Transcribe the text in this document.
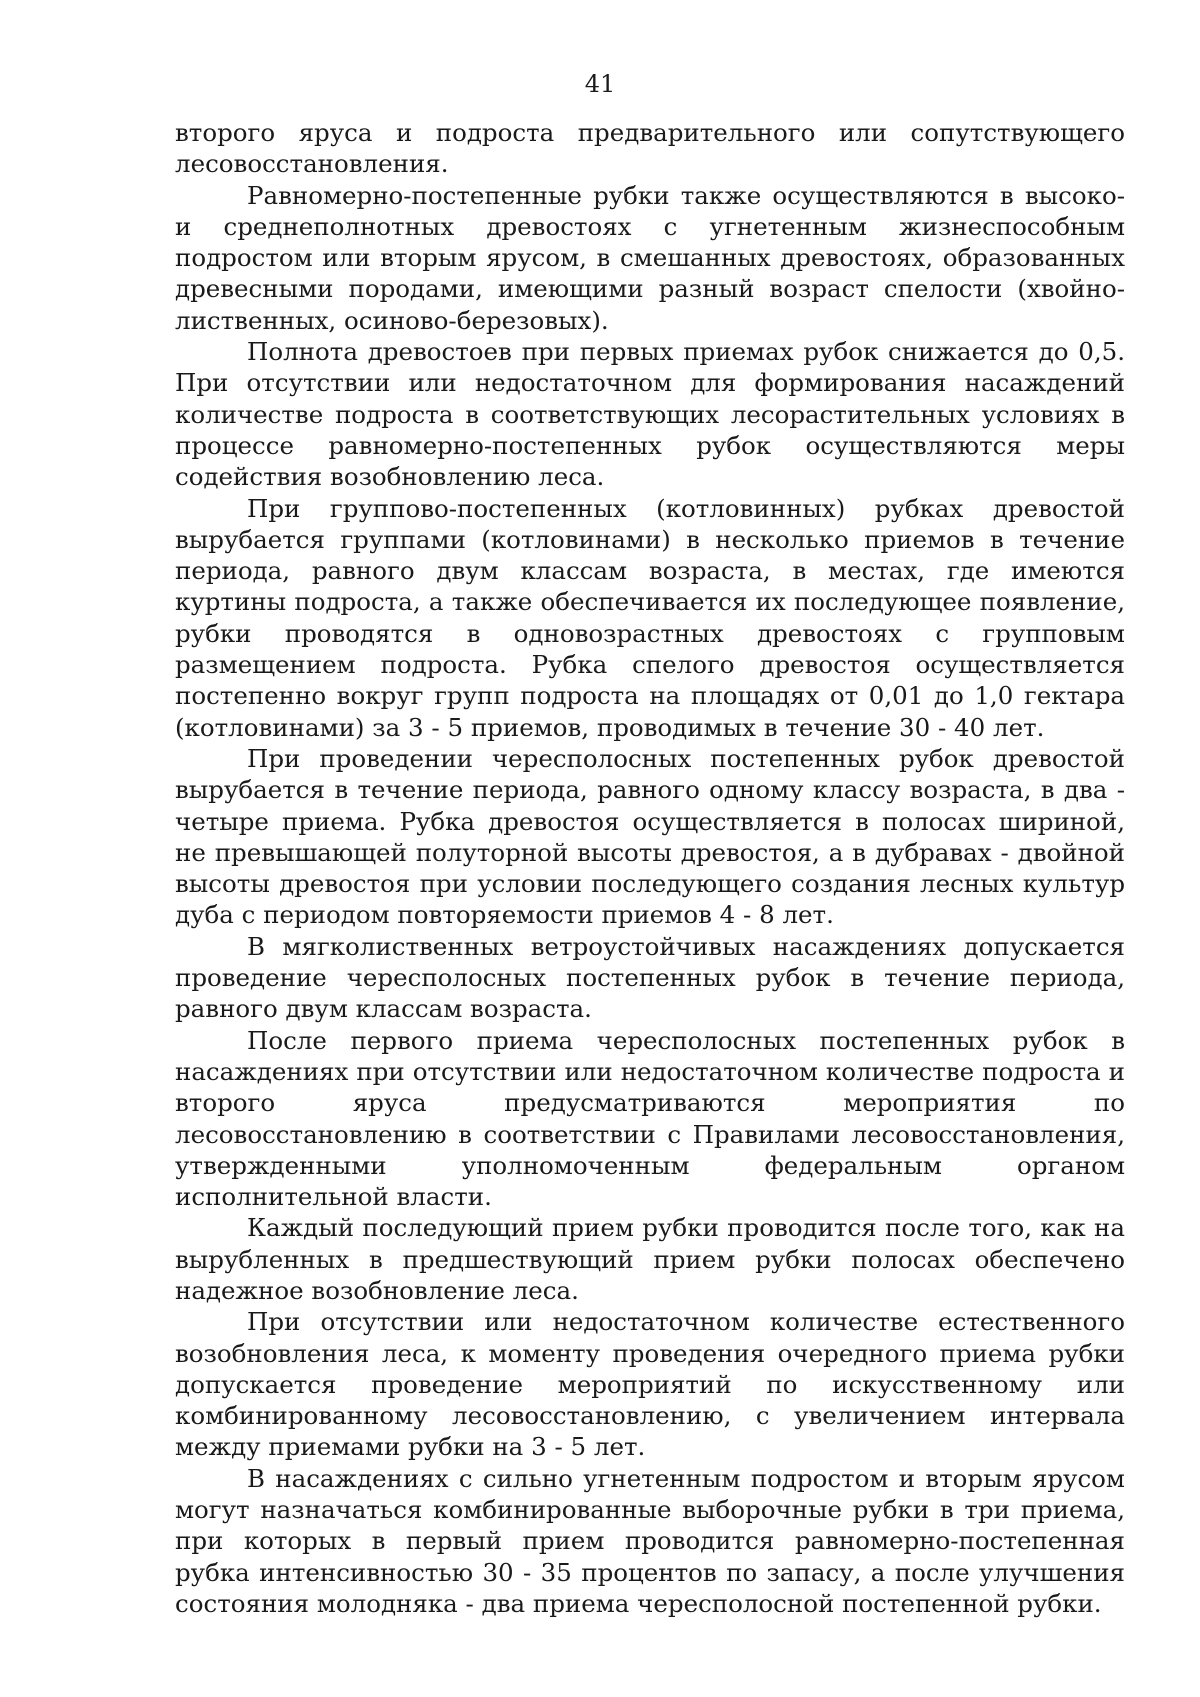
41

второго яруса и подроста предварительного или сопутствующего лесовосстановления.

Равномерно-постепенные рубки также осуществляются в высоко- и среднеполнотных древостоях с угнетенным жизнеспособным подростом или вторым ярусом, в смешанных древостоях, образованных древесными породами, имеющими разный возраст спелости (хвойно-лиственных, осиново-березовых).

Полнота древостоев при первых приемах рубок снижается до 0,5. При отсутствии или недостаточном для формирования насаждений количестве подроста в соответствующих лесорастительных условиях в процессе равномерно-постепенных рубок осуществляются меры содействия возобновлению леса.

При группово-постепенных (котловинных) рубках древостой вырубается группами (котловинами) в несколько приемов в течение периода, равного двум классам возраста, в местах, где имеются куртины подроста, а также обеспечивается их последующее появление, рубки проводятся в одновозрастных древостоях с групповым размещением подроста. Рубка спелого древостоя осуществляется постепенно вокруг групп подроста на площадях от 0,01 до 1,0 гектара (котловинами) за 3 - 5 приемов, проводимых в течение 30 - 40 лет.

При проведении чересполосных постепенных рубок древостой вырубается в течение периода, равного одному классу возраста, в два - четыре приема. Рубка древостоя осуществляется в полосах шириной, не превышающей полуторной высоты древостоя, а в дубравах - двойной высоты древостоя при условии последующего создания лесных культур дуба с периодом повторяемости приемов 4 - 8 лет.

В мягколиственных ветроустойчивых насаждениях допускается проведение чересполосных постепенных рубок в течение периода, равного двум классам возраста.

После первого приема чересполосных постепенных рубок в насаждениях при отсутствии или недостаточном количестве подроста и второго яруса предусматриваются мероприятия по лесовосстановлению в соответствии с Правилами лесовосстановления, утвержденными уполномоченным федеральным органом исполнительной власти.

Каждый последующий прием рубки проводится после того, как на вырубленных в предшествующий прием рубки полосах обеспечено надежное возобновление леса.

При отсутствии или недостаточном количестве естественного возобновления леса, к моменту проведения очередного приема рубки допускается проведение мероприятий по искусственному или комбинированному лесовосстановлению, с увеличением интервала между приемами рубки на 3 - 5 лет.

В насаждениях с сильно угнетенным подростом и вторым ярусом могут назначаться комбинированные выборочные рубки в три приема, при которых в первый прием проводится равномерно-постепенная рубка интенсивностью 30 - 35 процентов по запасу, а после улучшения состояния молодняка - два приема чересполосной постепенной рубки.
